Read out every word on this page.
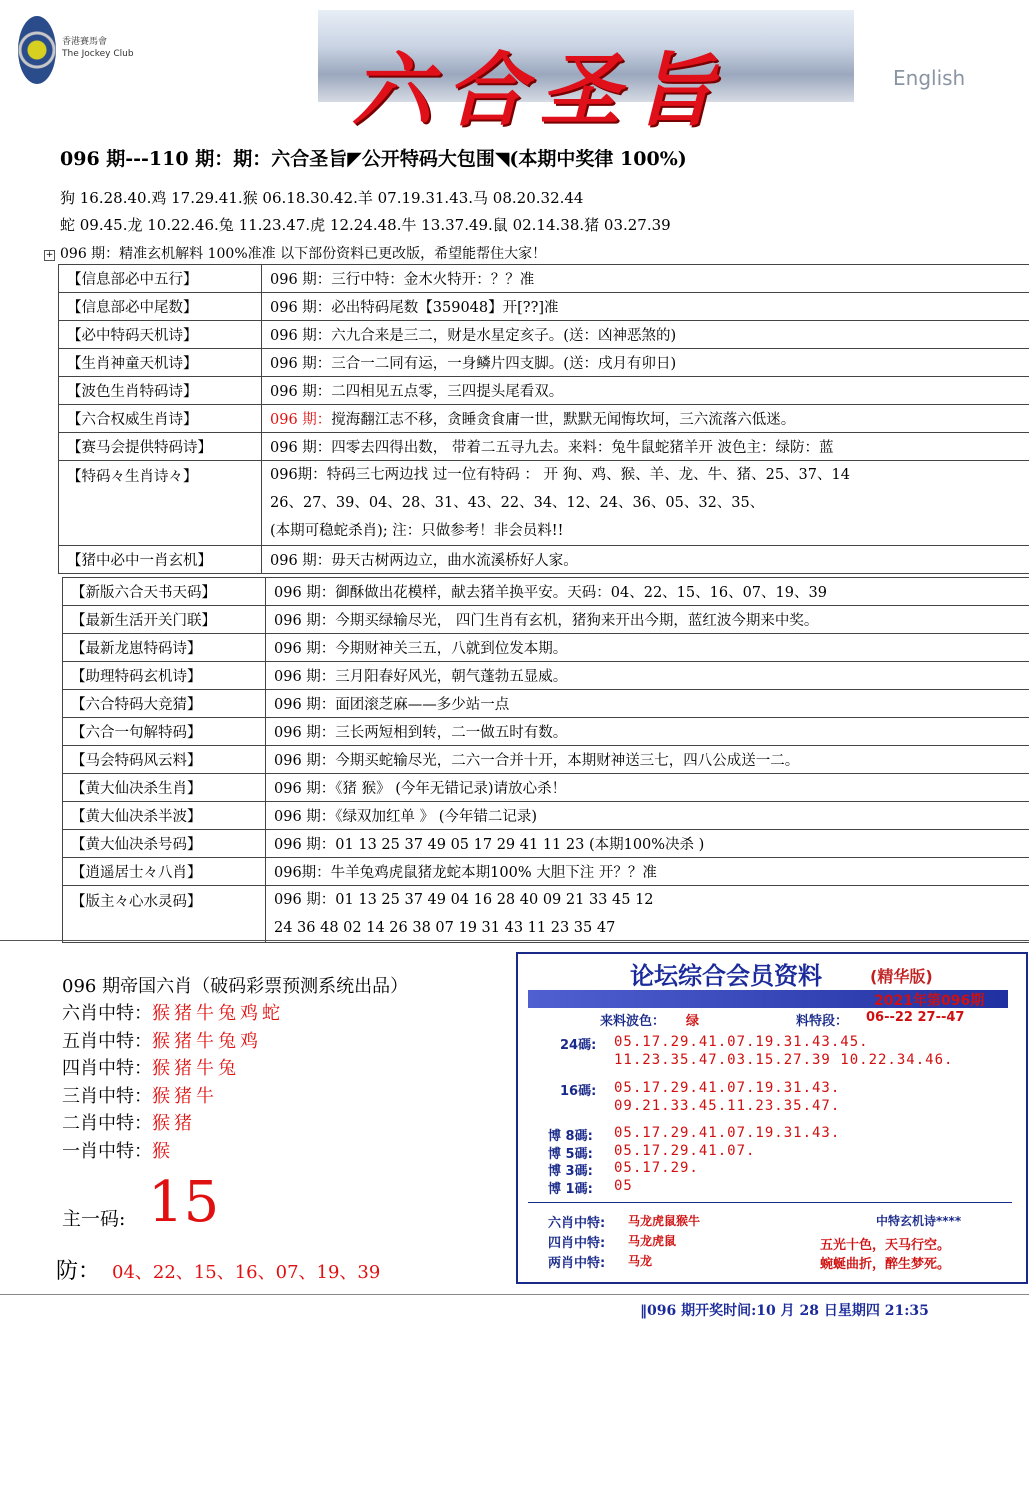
香港賽馬會
The Jockey Club	六合圣旨	English
096 期---110 期：期：六合圣旨◤公开特码大包围◥(本期中奖律 100%)
狗 16.28.40.鸡 17.29.41.猴 06.18.30.42.羊 07.19.31.43.马 08.20.32.44
蛇 09.45.龙 10.22.46.兔 11.23.47.虎 12.24.48.牛 13.37.49.鼠 02.14.38.猪 03.27.39
+ 096 期：精准玄机解料 100%准准 以下部份资料已更改版，希望能帮住大家！
【信息部必中五行】	096 期：三行中特：金木火特开：？？准
【信息部必中尾数】	096 期：必出特码尾数【359048】开[??]准
【必中特码天机诗】	096 期：六九合来是三二，财是水星定亥子。(送：凶神恶煞的)
【生肖神童天机诗】	096 期：三合一二同有运，一身鳞片四支脚。(送：戌月有卯日)
【波色生肖特码诗】	096 期：二四相见五点零，三四提头尾看双。
【六合权威生肖诗】	096 期：搅海翻江志不移，贪睡贪食庸一世，默默无闻悔坎坷，三六流落六低迷。
【赛马会提供特码诗】	096 期：四零去四得出数， 带着二五寻九去。来料：兔牛鼠蛇猪羊开 波色主：绿防：蓝
【特码々生肖诗々】	096期：特码三七两边找 过一位有特码 ： 开 狗、鸡、猴、羊、龙、牛、猪、25、37、14
26、27、39、04、28、31、43、22、34、12、24、36、05、32、35、
(本期可稳蛇杀肖); 注：只做参考！非会员料!!

【猪中必中一肖玄机】	096 期：毋天古树两边立，曲水流溪桥好人家。
【新版六合天书天码】	096 期：御酥做出花模样，献去猪羊换平安。天码：04、22、15、16、07、19、39
【最新生活开关门联】	096 期：今期买绿输尽光， 四门生肖有玄机，猪狗来开出今期，蓝红波今期来中奖。
【最新龙崽特码诗】	096 期：今期财神关三五，八就到位发本期。
【助理特码玄机诗】	096 期：三月阳春好风光，朝气蓬勃五显威。
【六合特码大竞猜】	096 期：面团滚芝麻——多少站一点
【六合一句解特码】	096 期：三长两短相到转，二一做五时有数。
【马会特码风云料】	096 期：今期买蛇输尽光，二六一合并十开，本期财神送三七，四八公成送一二。
【黄大仙决杀生肖】	096 期：《猪 猴》 (今年无错记录)请放心杀！
【黄大仙决杀半波】	096 期：《绿双加红单 》 (今年错二记录)
【黄大仙决杀号码】	096 期：01 13 25 37 49 05 17 29 41 11 23 (本期100%决杀 )
【逍遥居士々八肖】	096期：牛羊兔鸡虎鼠猪龙蛇本期100% 大胆下注 开？？准
【版主々心水灵码】	096 期：01 13 25 37 49 04 16 28 40 09 21 33 45 12
24 36 48 02 14 26 38 07 19 31 43 11 23 35 47
096 期帝国六肖（破码彩票预测系统出品）
六肖中特：猴猪牛兔鸡蛇
五肖中特：猴猪牛兔鸡
四肖中特：猴猪牛兔
三肖中特：猴猪牛
二肖中特：猴猪
一肖中特：猴
主一码: 15
防： 04、22、15、16、07、19、39
论坛综合会员资料	(精华版)
2021年第096期
来料波色： 绿	料特段： 06--22 27--47
24碼: 05.17.29.41.07.19.31.43.45.
11.23.35.47.03.15.27.39 10.22.34.46.
16碼: 05.17.29.41.07.19.31.43.
09.21.33.45.11.23.35.47.
博 8碼: 05.17.29.41.07.19.31.43.
博 5碼: 05.17.29.41.07.
博 3碼: 05.17.29.
博 1碼: 05
六肖中特: 马龙虎鼠猴牛
四肖中特: 马龙虎鼠
两肖中特: 马龙
中特玄机诗****
五光十色，天马行空。
蜿蜒曲折，醉生梦死。
‖096 期开奖时间:10 月 28 日星期四 21:35
